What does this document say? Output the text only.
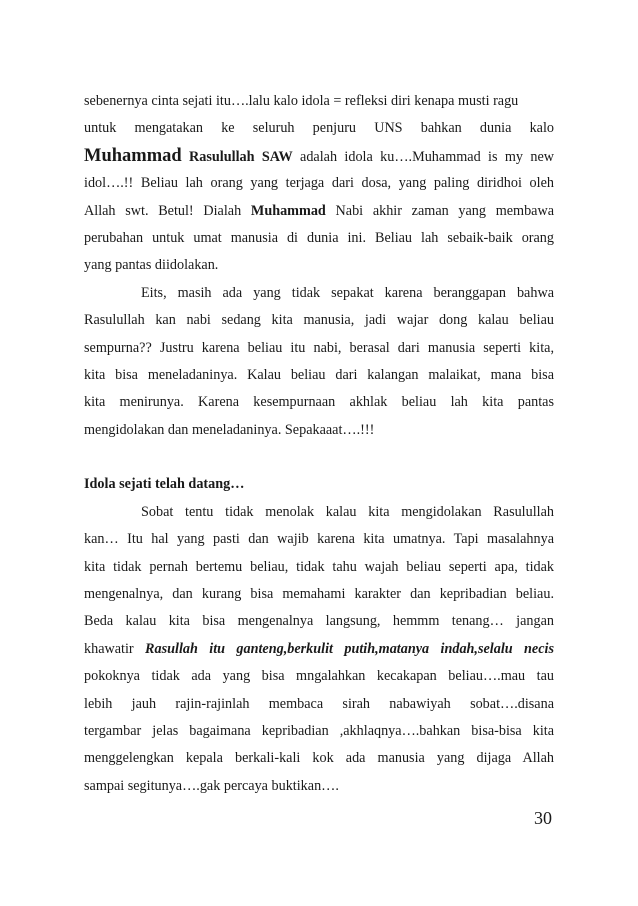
sebenernya cinta sejati itu….lalu kalo idola = refleksi diri kenapa musti ragu
untuk mengatakan ke seluruh penjuru UNS bahkan dunia kalo
Muhammad Rasulullah SAW adalah idola ku….Muhammad is my new
idol….!! Beliau lah orang yang terjaga dari dosa, yang paling diridhoi oleh
Allah swt. Betul! Dialah Muhammad Nabi akhir zaman yang membawa
perubahan untuk umat manusia di dunia ini. Beliau lah sebaik-baik orang
yang pantas diidolakan.
Eits, masih ada yang tidak sepakat karena beranggapan bahwa
Rasulullah kan nabi sedang kita manusia, jadi wajar dong kalau beliau
sempurna?? Justru karena beliau itu nabi, berasal dari manusia seperti kita,
kita bisa meneladaninya. Kalau beliau dari kalangan malaikat, mana bisa
kita menirunya. Karena kesempurnaan akhlak beliau lah kita pantas
mengidolakan dan meneladaninya. Sepakaaat….!!!
Idola sejati telah datang…
Sobat tentu tidak menolak kalau kita mengidolakan Rasulullah
kan… Itu hal yang pasti dan wajib karena kita umatnya. Tapi masalahnya
kita tidak pernah bertemu beliau, tidak tahu wajah beliau seperti apa, tidak
mengenalnya, dan kurang bisa memahami karakter dan kepribadian beliau.
Beda kalau kita bisa mengenalnya langsung, hemmm tenang… jangan
khawatir Rasullah itu ganteng,berkulit putih,matanya indah,selalu necis
pokoknya tidak ada yang bisa mngalahkan kecakapan beliau….mau tau
lebih jauh rajin-rajinlah membaca sirah nabawiyah sobat….disana
tergambar jelas bagaimana kepribadian ,akhlaqnya….bahkan bisa-bisa kita
menggelengkan kepala berkali-kali kok ada manusia yang dijaga Allah
sampai segitunya….gak percaya buktikan….
30
